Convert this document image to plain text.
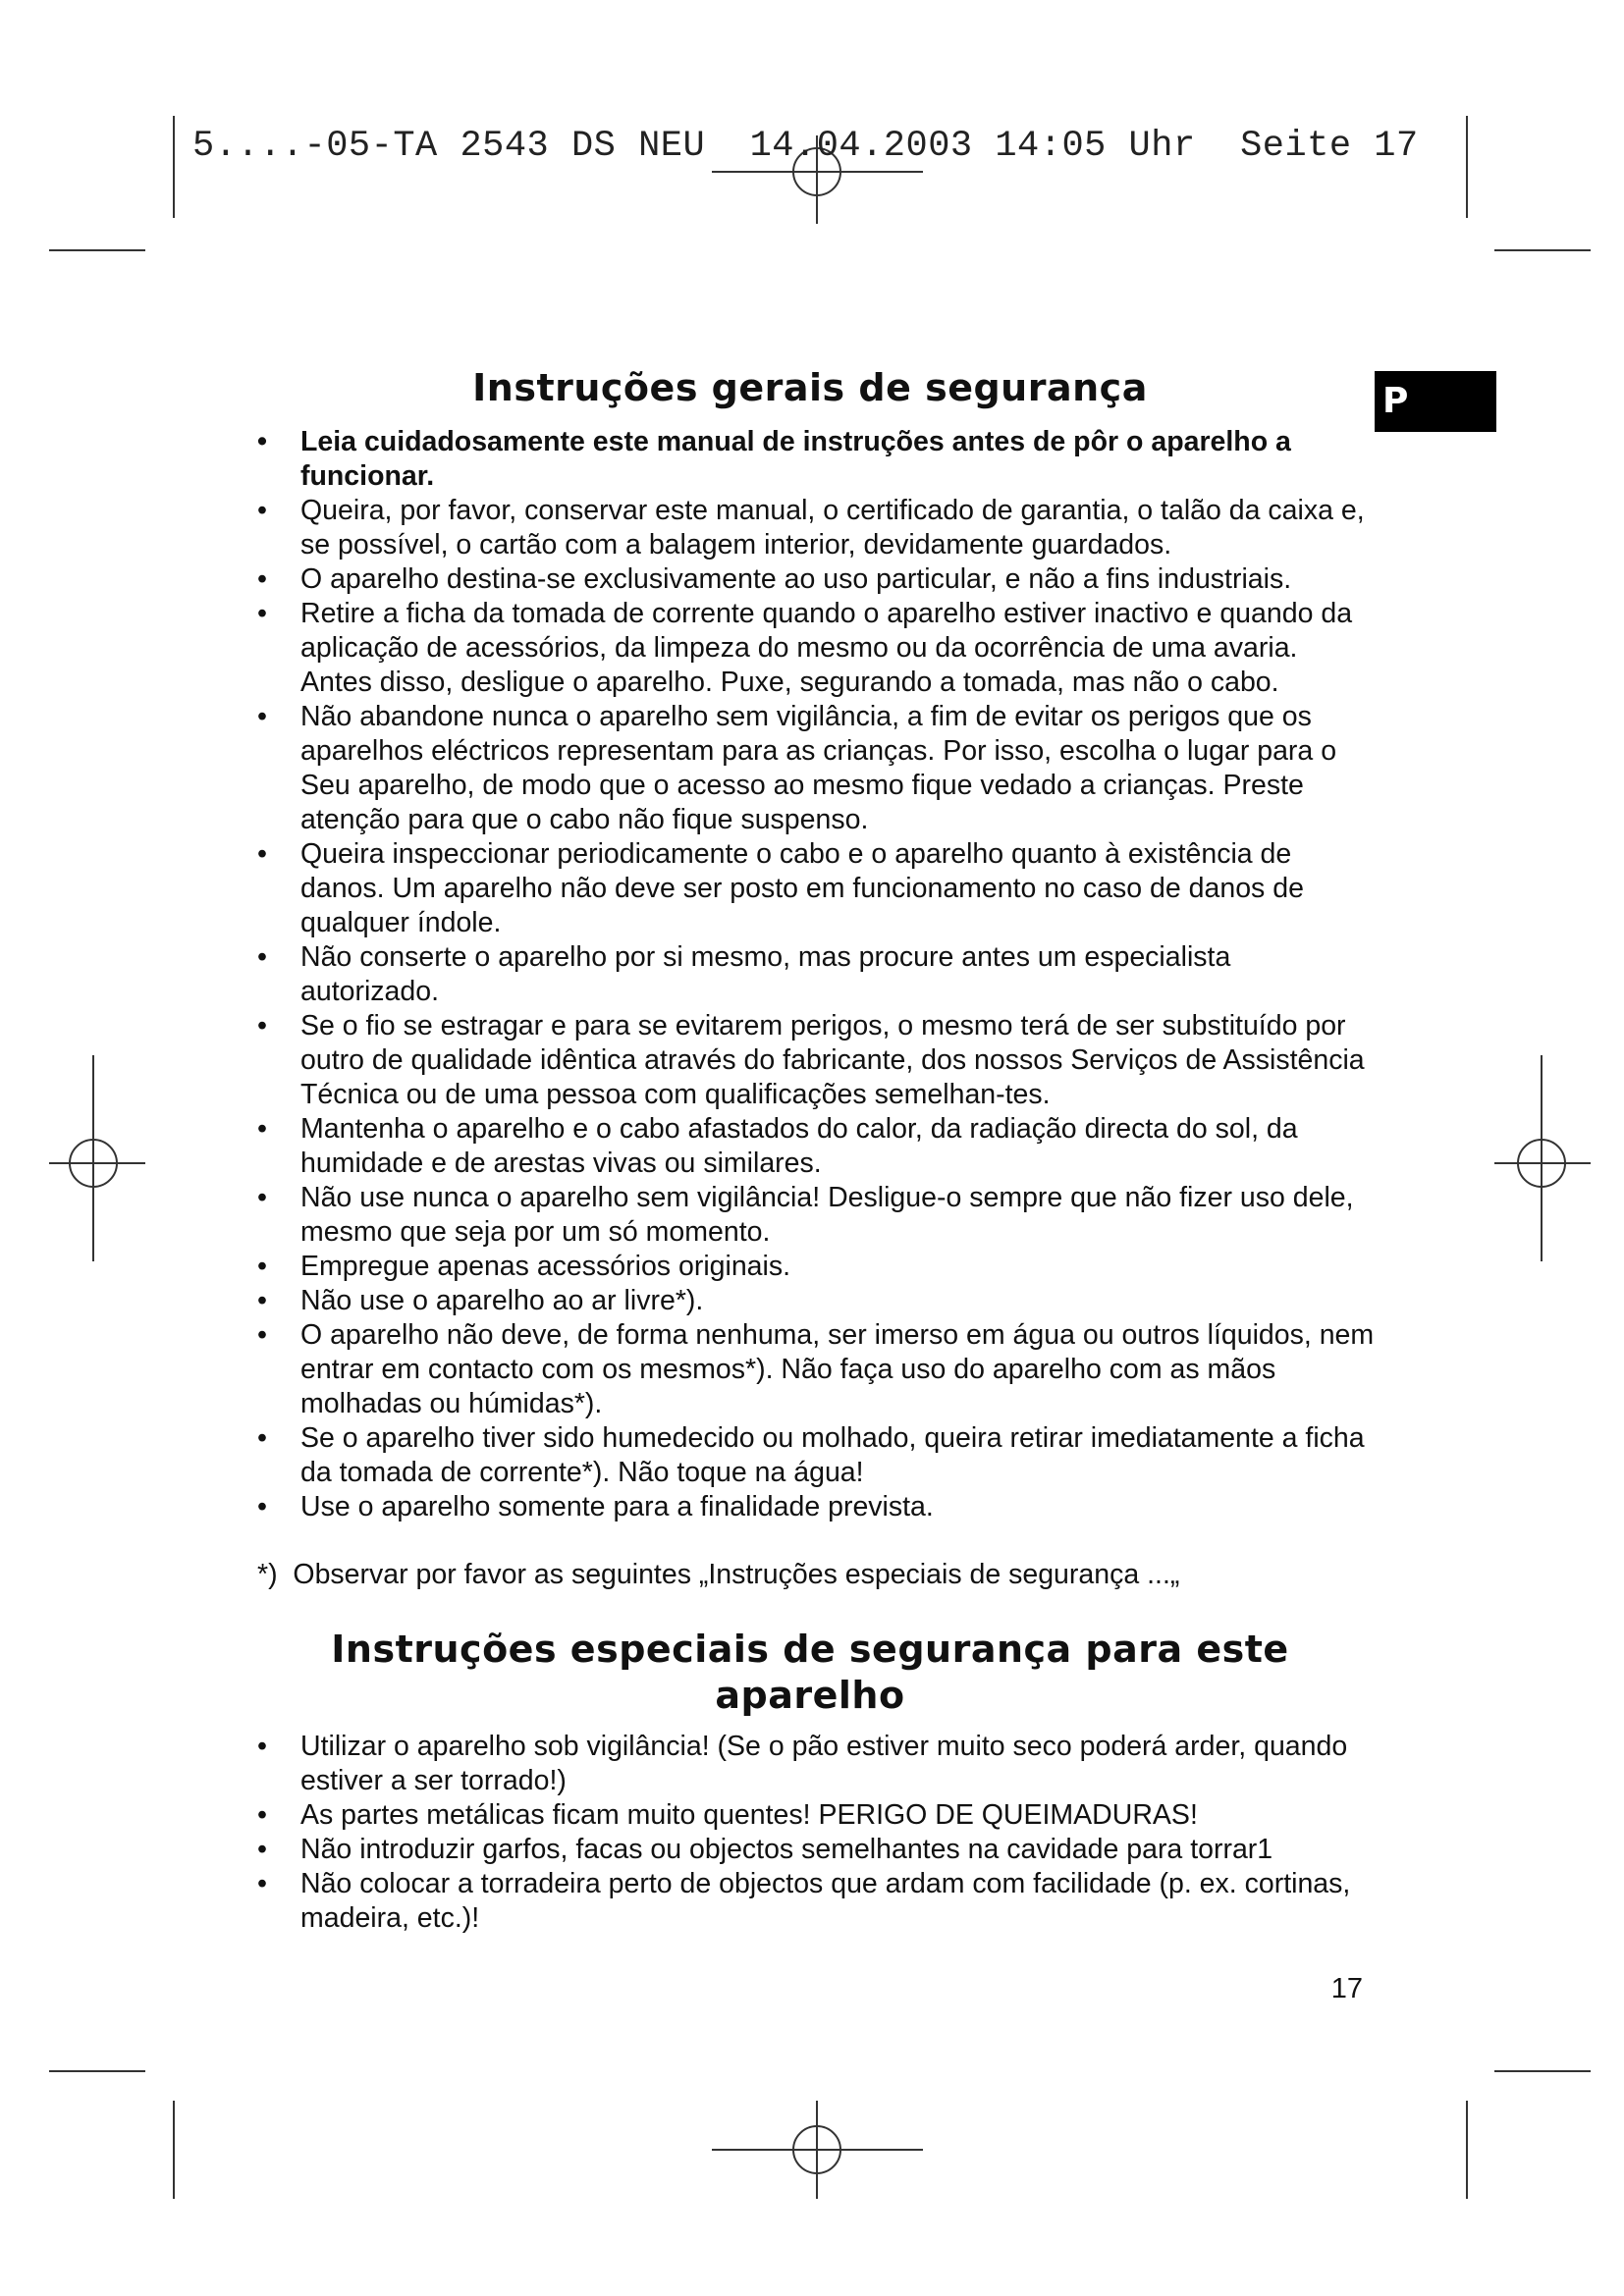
5....-05-TA 2543 DS NEU  14.04.2003 14:05 Uhr  Seite 17
P
Instruções gerais de segurança
• Leia cuidadosamente este manual de instruções antes de pôr o aparelho a funcionar.
• Queira, por favor, conservar este manual, o certificado de garantia, o talão da caixa e, se possível, o cartão com a balagem interior, devidamente guardados.
• O aparelho destina-se exclusivamente ao uso particular, e não a fins industriais.
• Retire a ficha da tomada de corrente quando o aparelho estiver inactivo e quando da aplicação de acessórios, da limpeza do mesmo ou da ocorrência de uma avaria. Antes disso, desligue o aparelho. Puxe, segurando a tomada, mas não o cabo.
• Não abandone nunca o aparelho sem vigilância, a fim de evitar os perigos que os aparelhos eléctricos representam para as crianças. Por isso, escolha o lugar para o Seu aparelho, de modo que o acesso ao mesmo fique vedado a crianças. Preste atenção para que o cabo não fique suspenso.
• Queira inspeccionar periodicamente o cabo e o aparelho quanto à existência de danos. Um aparelho não deve ser posto em funcionamento no caso de danos de qualquer índole.
• Não conserte o aparelho por si mesmo, mas procure antes um especialista autorizado.
• Se o fio se estragar e para se evitarem perigos, o mesmo terá de ser substituído por outro de qualidade idêntica através do fabricante, dos nossos Serviços de Assistência Técnica ou de uma pessoa com qualificações semelhan-tes.
• Mantenha o aparelho e o cabo afastados do calor, da radiação directa do sol, da humidade e de arestas vivas ou similares.
• Não use nunca o aparelho sem vigilância! Desligue-o sempre que não fizer uso dele, mesmo que seja por um só momento.
• Empregue apenas acessórios originais.
• Não use o aparelho ao ar livre*).
• O aparelho não deve, de forma nenhuma, ser imerso em água ou outros líquidos, nem entrar em contacto com os mesmos*). Não faça uso do aparelho com as mãos molhadas ou húmidas*).
• Se o aparelho tiver sido humedecido ou molhado, queira retirar imediatamente a ficha da tomada de corrente*). Não toque na água!
• Use o aparelho somente para a finalidade prevista.
*)  Observar por favor as seguintes „Instruções especiais de segurança ...„
Instruções especiais de segurança para este aparelho
• Utilizar o aparelho sob vigilância! (Se o pão estiver muito seco poderá arder, quando estiver a ser torrado!)
• As partes metálicas ficam muito quentes! PERIGO DE QUEIMADURAS!
• Não introduzir garfos, facas ou objectos semelhantes na cavidade para torrar1
• Não colocar a torradeira perto de objectos que ardam com facilidade (p. ex. cortinas, madeira, etc.)!
17
